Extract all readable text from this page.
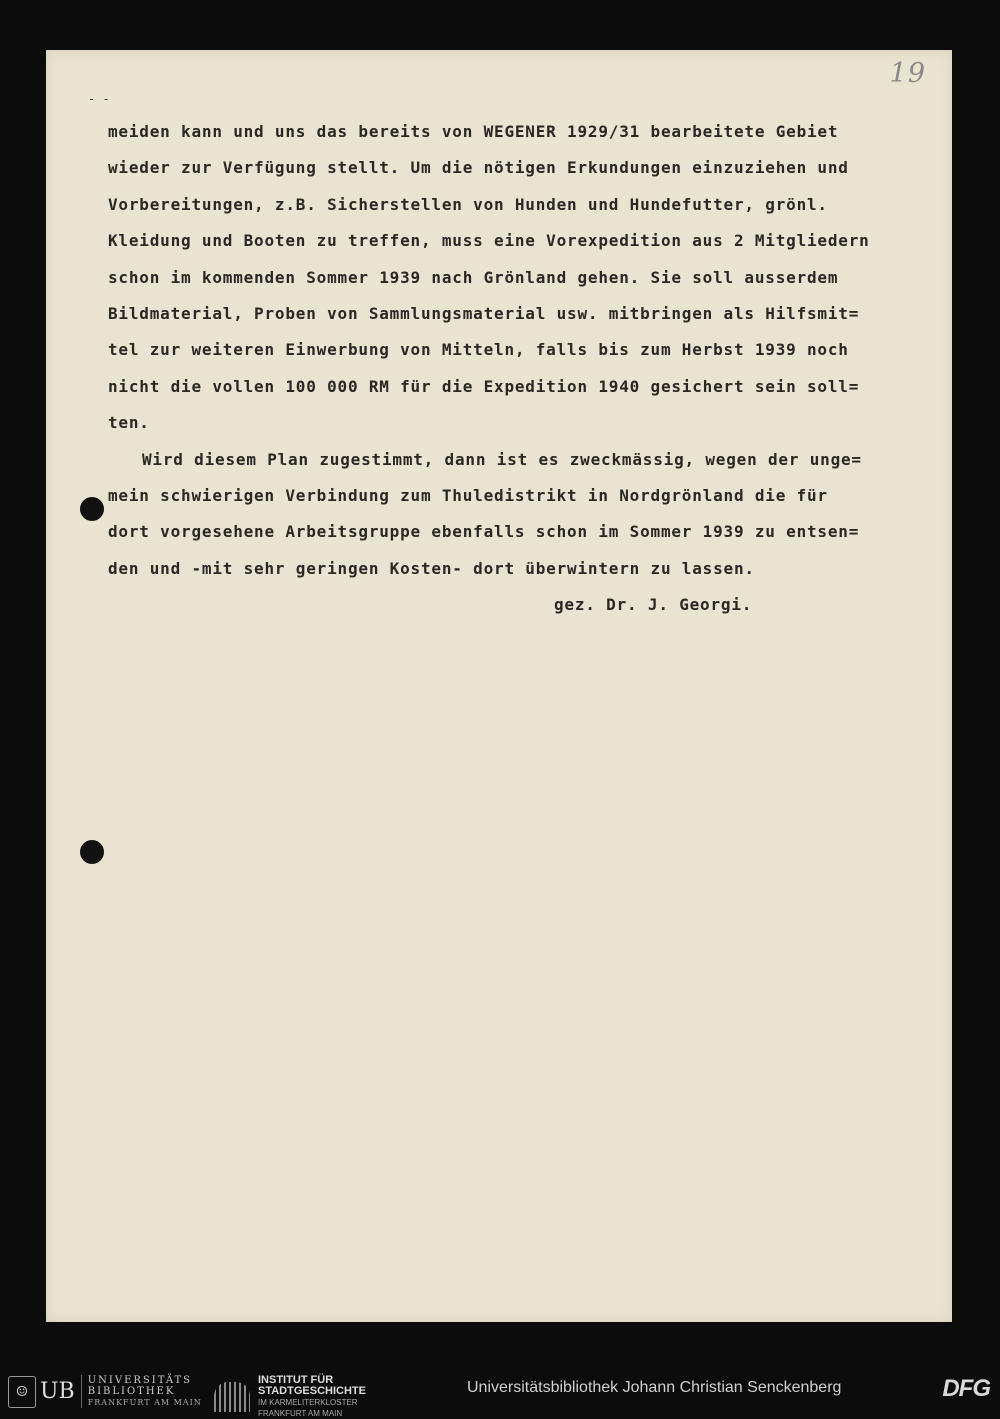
19
- -
meiden kann und uns das bereits von WEGENER 1929/31 bearbeitete Gebiet
wieder zur Verfügung stellt. Um die nötigen Erkundungen einzuziehen und
Vorbereitungen, z.B. Sicherstellen von Hunden und Hundefutter, grönl.
Kleidung und Booten zu treffen, muss eine Vorexpedition aus 2 Mitgliedern
schon im kommenden Sommer 1939 nach Grönland gehen. Sie soll ausserdem
Bildmaterial, Proben von Sammlungsmaterial usw. mitbringen als Hilfsmit=
tel zur weiteren Einwerbung von Mitteln, falls bis zum Herbst 1939 noch
nicht die vollen 100 000 RM für die Expedition 1940 gesichert sein soll=
ten.
Wird diesem Plan zugestimmt, dann ist es zweckmässig, wegen der unge=
mein schwierigen Verbindung zum Thuledistrikt in Nordgrönland die für
dort vorgesehene Arbeitsgruppe ebenfalls schon im Sommer 1939 zu entsen=
den und -mit sehr geringen Kosten- dort überwintern zu lassen.
gez. Dr. J. Georgi.
☺ UB UNIVERSITÄTS
BIBLIOTHEK
FRANKFURT AM MAIN
INSTITUT FÜR
STADTGESCHICHTE
IM KARMELITERKLOSTER
FRANKFURT AM MAIN
Universitätsbibliothek Johann Christian Senckenberg	DFG
